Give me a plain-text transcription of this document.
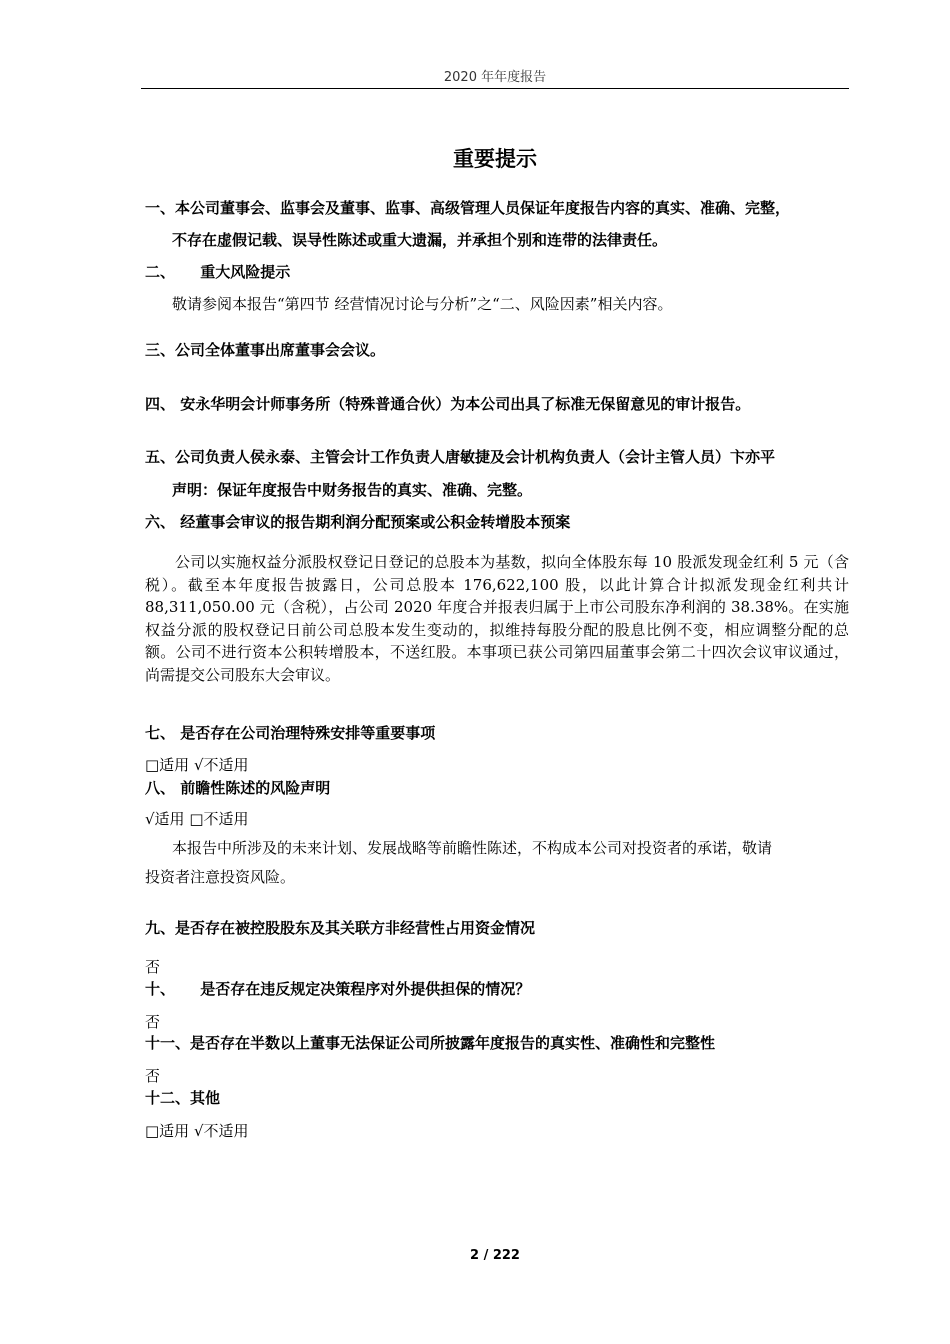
2020 年年度报告
重要提示
一、本公司董事会、监事会及董事、监事、高级管理人员保证年度报告内容的真实、准确、完整，
不存在虚假记载、误导性陈述或重大遗漏，并承担个别和连带的法律责任。
二、 重大风险提示
敬请参阅本报告“第四节 经营情况讨论与分析”之“二、风险因素”相关内容。
三、公司全体董事出席董事会会议。
四、 安永华明会计师事务所（特殊普通合伙）为本公司出具了标准无保留意见的审计报告。
五、公司负责人侯永泰、主管会计工作负责人唐敏捷及会计机构负责人（会计主管人员）卞亦平
声明：保证年度报告中财务报告的真实、准确、完整。
六、 经董事会审议的报告期利润分配预案或公积金转增股本预案
公司以实施权益分派股权登记日登记的总股本为基数，拟向全体股东每 10 股派发现金红利 5 元（含税）。截至本年度报告披露日，公司总股本 176,622,100 股，以此计算合计拟派发现金红利共计 88,311,050.00 元（含税），占公司 2020 年度合并报表归属于上市公司股东净利润的 38.38%。在实施权益分派的股权登记日前公司总股本发生变动的，拟维持每股分配的股息比例不变，相应调整分配的总额。公司不进行资本公积转增股本，不送红股。本事项已获公司第四届董事会第二十四次会议审议通过，尚需提交公司股东大会审议。
七、 是否存在公司治理特殊安排等重要事项
□适用 √不适用
八、 前瞻性陈述的风险声明
√适用 □不适用
本报告中所涉及的未来计划、发展战略等前瞻性陈述，不构成本公司对投资者的承诺，敬请
投资者注意投资风险。
九、是否存在被控股股东及其关联方非经营性占用资金情况
否
十、 是否存在违反规定决策程序对外提供担保的情况？
否
十一、是否存在半数以上董事无法保证公司所披露年度报告的真实性、准确性和完整性
否
十二、其他
□适用 √不适用
2 / 222
